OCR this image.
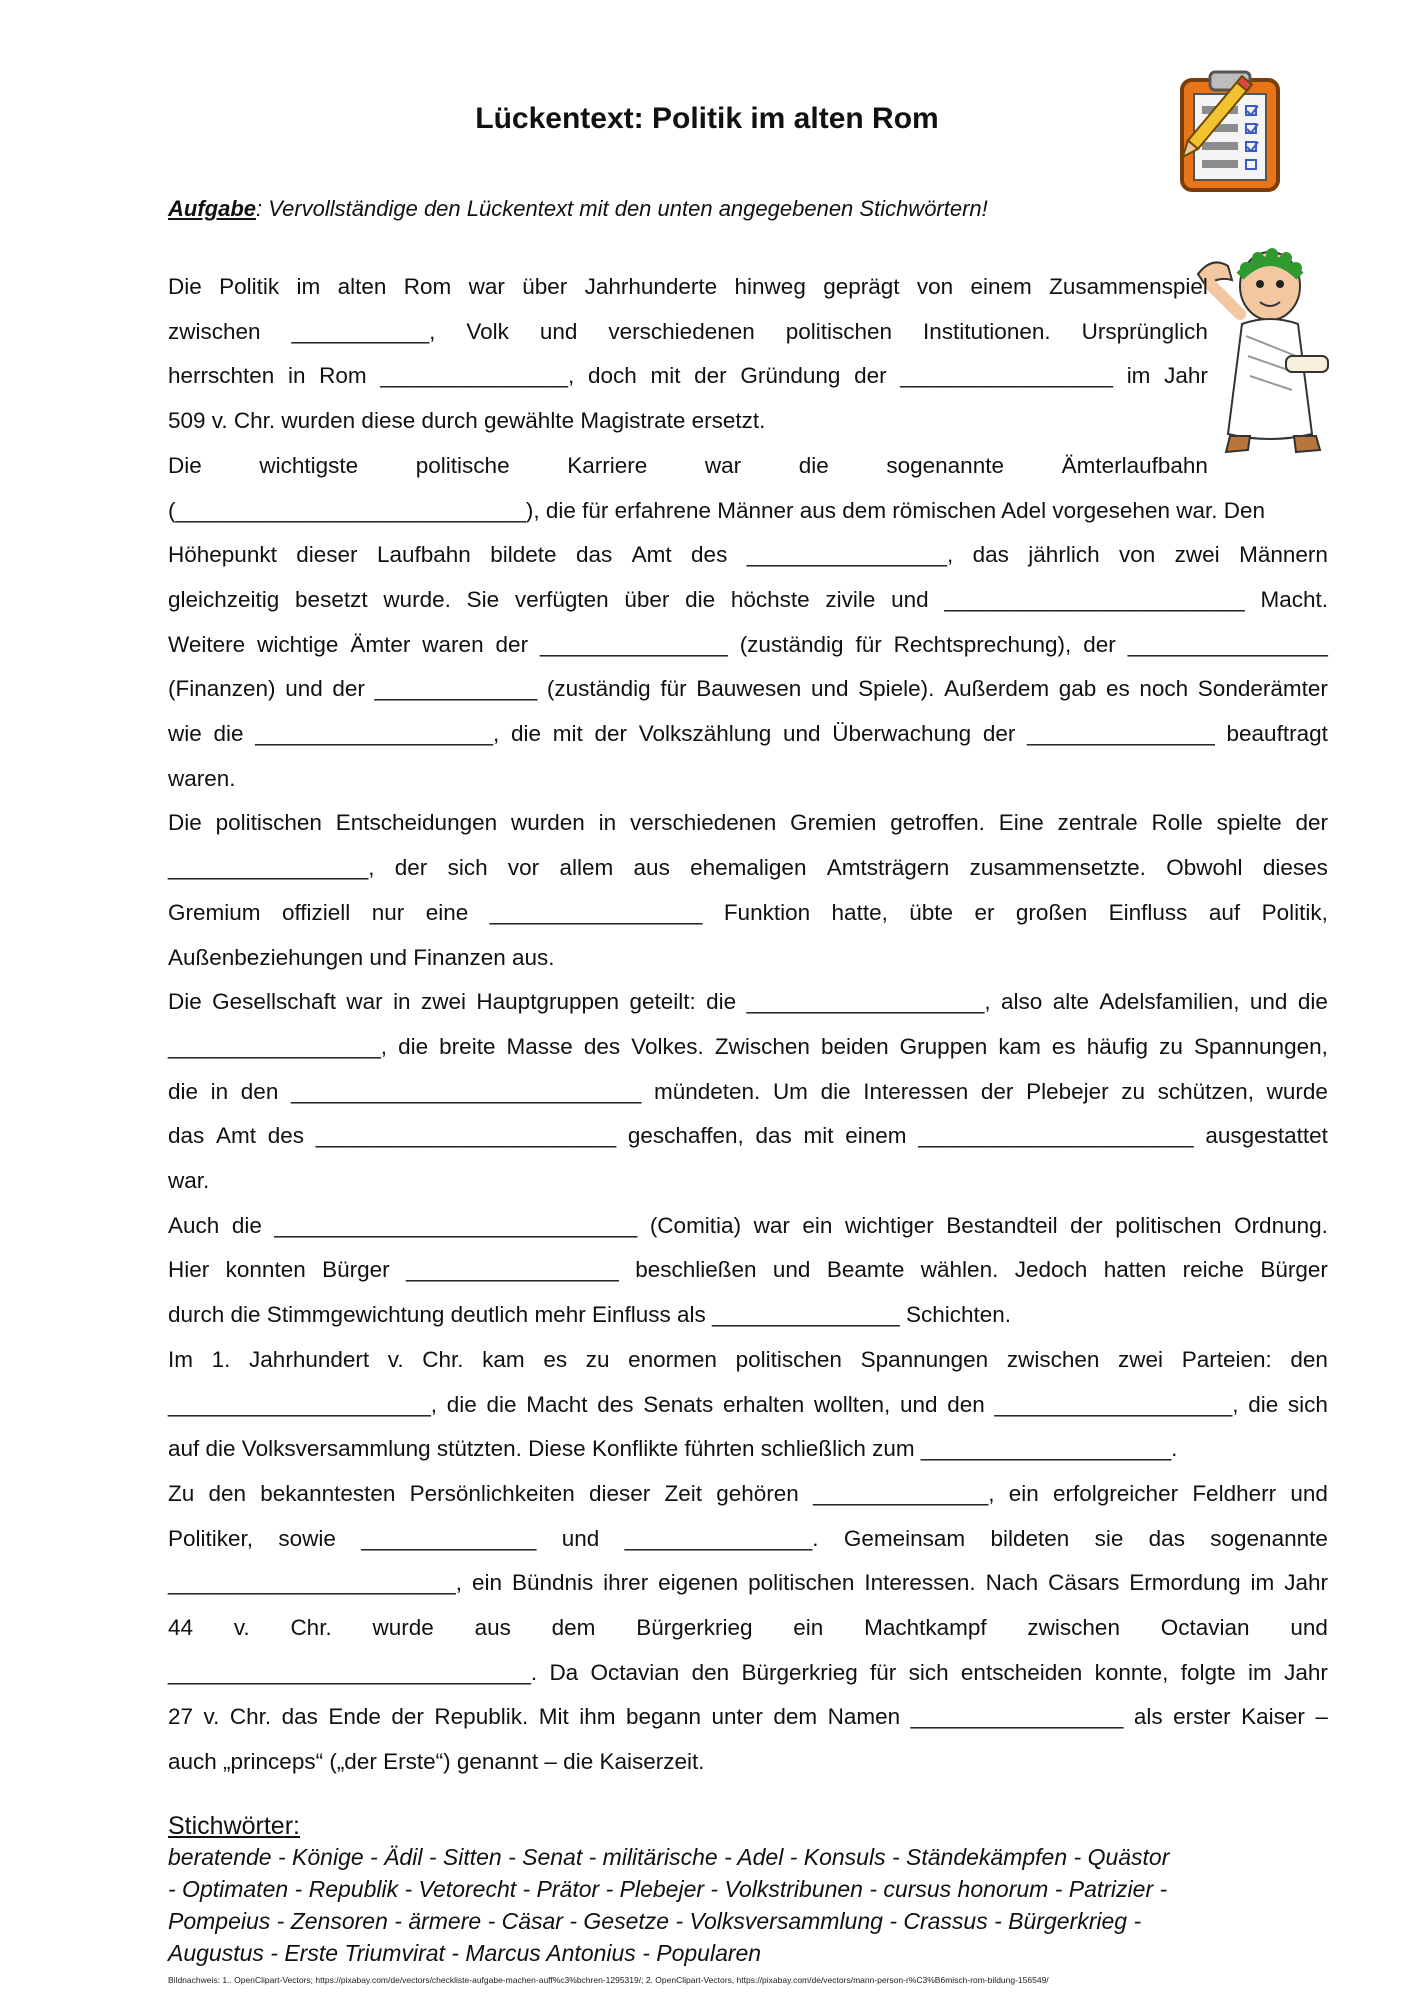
Lückentext: Politik im alten Rom
Aufgabe: Vervollständige den Lückentext mit den unten angegebenen Stichwörtern!
Die Politik im alten Rom war über Jahrhunderte hinweg geprägt von einem Zusammenspiel
zwischen ___________, Volk und verschiedenen politischen Institutionen. Ursprünglich
herrschten in Rom _______________, doch mit der Gründung der _________________ im Jahr
509 v. Chr. wurden diese durch gewählte Magistrate ersetzt.
Die	wichtigste	politische	Karriere	war	die	sogenannte	Ämterlaufbahn
(____________________________), die für erfahrene Männer aus dem römischen Adel vorgesehen war. Den
Höhepunkt dieser Laufbahn bildete das Amt des ________________, das jährlich von zwei Männern
gleichzeitig besetzt wurde. Sie verfügten über die höchste zivile und ________________________ Macht.
Weitere wichtige Ämter waren der _______________ (zuständig für Rechtsprechung), der ________________
(Finanzen) und der _____________ (zuständig für Bauwesen und Spiele). Außerdem gab es noch Sonderämter
wie die ___________________, die mit der Volkszählung und Überwachung der _______________ beauftragt
waren.
Die politischen Entscheidungen wurden in verschiedenen Gremien getroffen. Eine zentrale Rolle spielte der
________________, der sich vor allem aus ehemaligen Amtsträgern zusammensetzte. Obwohl dieses
Gremium offiziell nur eine _________________ Funktion hatte, übte er großen Einfluss auf Politik,
Außenbeziehungen und Finanzen aus.
Die Gesellschaft war in zwei Hauptgruppen geteilt: die ___________________, also alte Adelsfamilien, und die
_________________, die breite Masse des Volkes. Zwischen beiden Gruppen kam es häufig zu Spannungen,
die in den ____________________________ mündeten. Um die Interessen der Plebejer zu schützen, wurde
das Amt des ________________________ geschaffen, das mit einem ______________________ ausgestattet
war.
Auch die _____________________________ (Comitia) war ein wichtiger Bestandteil der politischen Ordnung.
Hier konnten Bürger _________________ beschließen und Beamte wählen. Jedoch hatten reiche Bürger
durch die Stimmgewichtung deutlich mehr Einfluss als _______________ Schichten.
Im 1. Jahrhundert v. Chr. kam es zu enormen politischen Spannungen zwischen zwei Parteien: den
_____________________, die die Macht des Senats erhalten wollten, und den ___________________, die sich
auf die Volksversammlung stützten. Diese Konflikte führten schließlich zum ____________________.
Zu den bekanntesten Persönlichkeiten dieser Zeit gehören ______________, ein erfolgreicher Feldherr und
Politiker, sowie ______________ und _______________. Gemeinsam bildeten sie das sogenannte
_______________________, ein Bündnis ihrer eigenen politischen Interessen. Nach Cäsars Ermordung im Jahr
44 v. Chr. wurde aus dem Bürgerkrieg ein Machtkampf zwischen Octavian und
_____________________________. Da Octavian den Bürgerkrieg für sich entscheiden konnte, folgte im Jahr
27 v. Chr. das Ende der Republik. Mit ihm begann unter dem Namen _________________ als erster Kaiser –
auch „princeps“ („der Erste“) genannt – die Kaiserzeit.
Stichwörter:
beratende - Könige - Ädil - Sitten - Senat - militärische - Adel - Konsuls - Ständekämpfen - Quästor
- Optimaten - Republik - Vetorecht - Prätor - Plebejer - Volkstribunen - cursus honorum - Patrizier -
Pompeius - Zensoren - ärmere - Cäsar - Gesetze - Volksversammlung - Crassus - Bürgerkrieg -
Augustus - Erste Triumvirat - Marcus Antonius - Popularen
Bildnachweis: 1.. OpenClipart-Vectors; https://pixabay.com/de/vectors/checkliste-aufgabe-machen-auff%c3%bchren-1295319/; 2. OpenClipart-Vectors, https://pixabay.com/de/vectors/mann-person-r%C3%B6misch-rom-bildung-156549/
